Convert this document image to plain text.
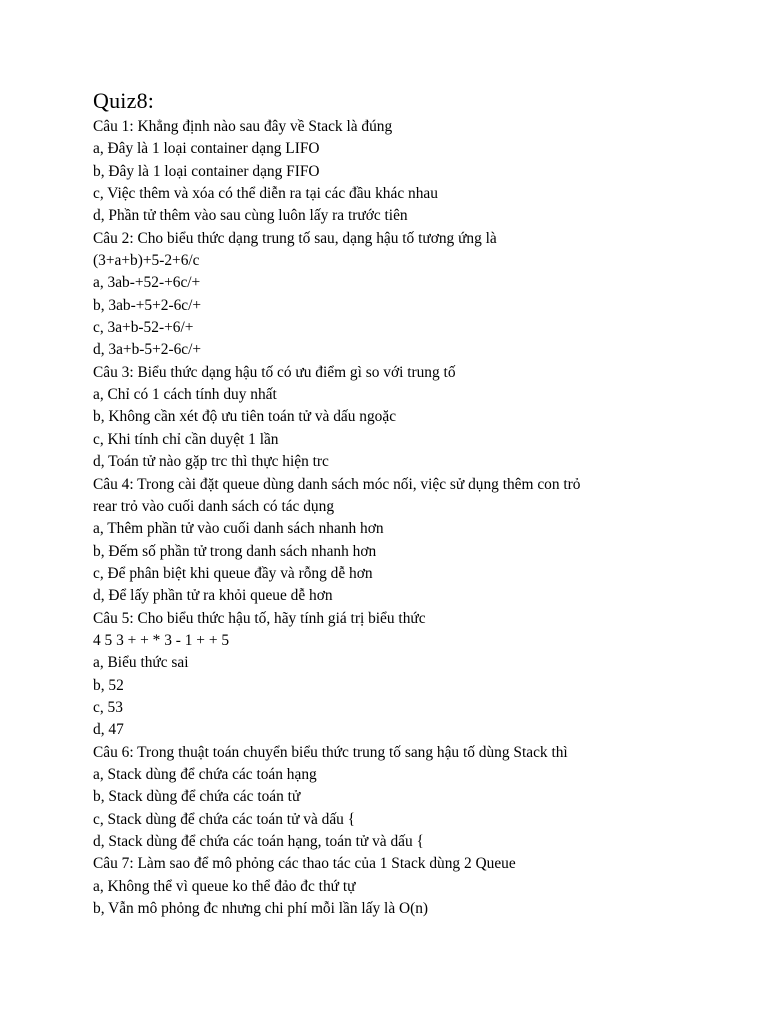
Quiz8:
Câu 1: Khẳng định nào sau đây về Stack là đúng
a, Đây là 1 loại container dạng LIFO
b, Đây là 1 loại container dạng FIFO
c, Việc thêm và xóa có thể diễn ra tại các đầu khác nhau
d, Phần tử thêm vào sau cùng luôn lấy ra trước tiên
Câu 2: Cho biểu thức dạng trung tố sau, dạng hậu tố tương ứng là
(3+a+b)+5-2+6/c
a, 3ab-+52-+6c/+
b, 3ab-+5+2-6c/+
c, 3a+b-52-+6/+
d, 3a+b-5+2-6c/+
Câu 3: Biểu thức dạng hậu tố có ưu điểm gì so với trung tố
a, Chỉ có 1 cách tính duy nhất
b, Không cần xét độ ưu tiên toán tử và dấu ngoặc
c, Khi tính chỉ cần duyệt 1 lần
d, Toán tử nào gặp trc thì thực hiện trc
Câu 4: Trong cài đặt queue dùng danh sách móc nối, việc sử dụng thêm con trỏ
rear trỏ vào cuối danh sách có tác dụng
a, Thêm phần tử vào cuối danh sách nhanh hơn
b, Đếm số phần tử trong danh sách nhanh hơn
c, Để phân biệt khi queue đầy và rỗng dễ hơn
d, Để lấy phần tử ra khỏi queue dễ hơn
Câu 5: Cho biểu thức hậu tố, hãy tính giá trị biểu thức
4 5 3 + + * 3 - 1 + + 5
a, Biểu thức sai
b, 52
c, 53
d, 47
Câu 6: Trong thuật toán chuyển biểu thức trung tố sang hậu tố dùng Stack thì
a, Stack dùng để chứa các toán hạng
b, Stack dùng để chứa các toán tử
c, Stack dùng để chứa các toán tử và dấu {
d, Stack dùng để chứa các toán hạng, toán tử và dấu {
Câu 7: Làm sao để mô phỏng các thao tác của 1 Stack dùng 2 Queue
a, Không thể vì queue ko thể đảo đc thứ tự
b, Vẫn mô phỏng đc nhưng chi phí mỗi lần lấy là O(n)
